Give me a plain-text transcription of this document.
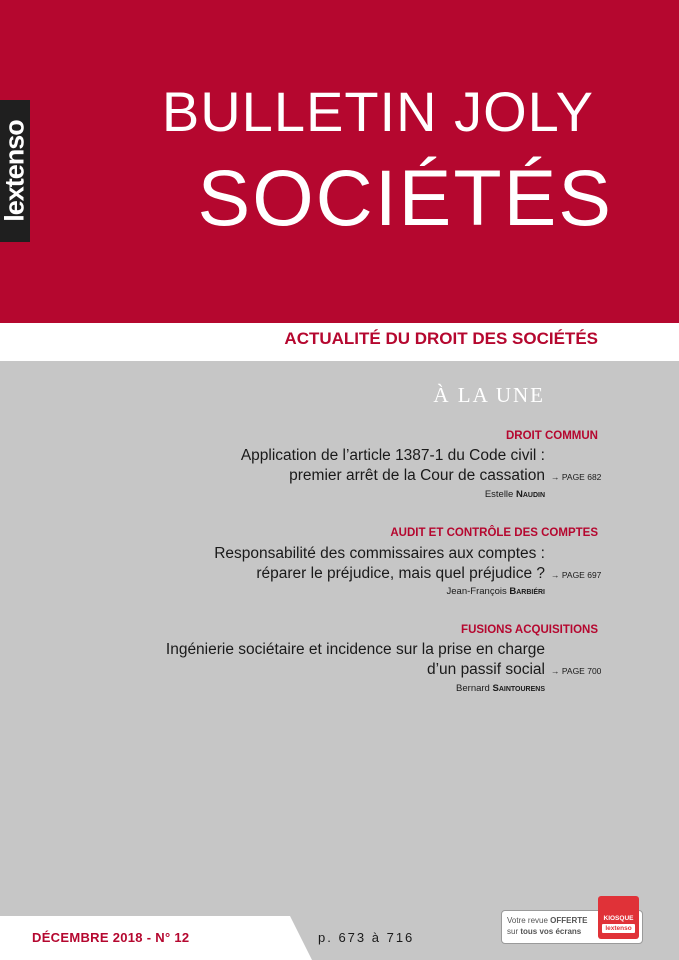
lextenso
BULLETIN JOLY
SOCIÉTÉS
ACTUALITÉ DU DROIT DES SOCIÉTÉS
À LA UNE
DROIT COMMUN
Application de l’article 1387-1 du Code civil :
premier arrêt de la Cour de cassation → PAGE 682
Estelle Naudin
AUDIT ET CONTRÔLE DES COMPTES
Responsabilité des commissaires aux comptes :
réparer le préjudice, mais quel préjudice ? → PAGE 697
Jean-François Barbiéri
FUSIONS ACQUISITIONS
Ingénierie sociétaire et incidence sur la prise en charge
d’un passif social → PAGE 700
Bernard Saintourens
DÉCEMBRE 2018 - N° 12	p. 673 à 716
Votre revue OFFERTE
sur tous vos écrans
KIOSQUE
lextenso
